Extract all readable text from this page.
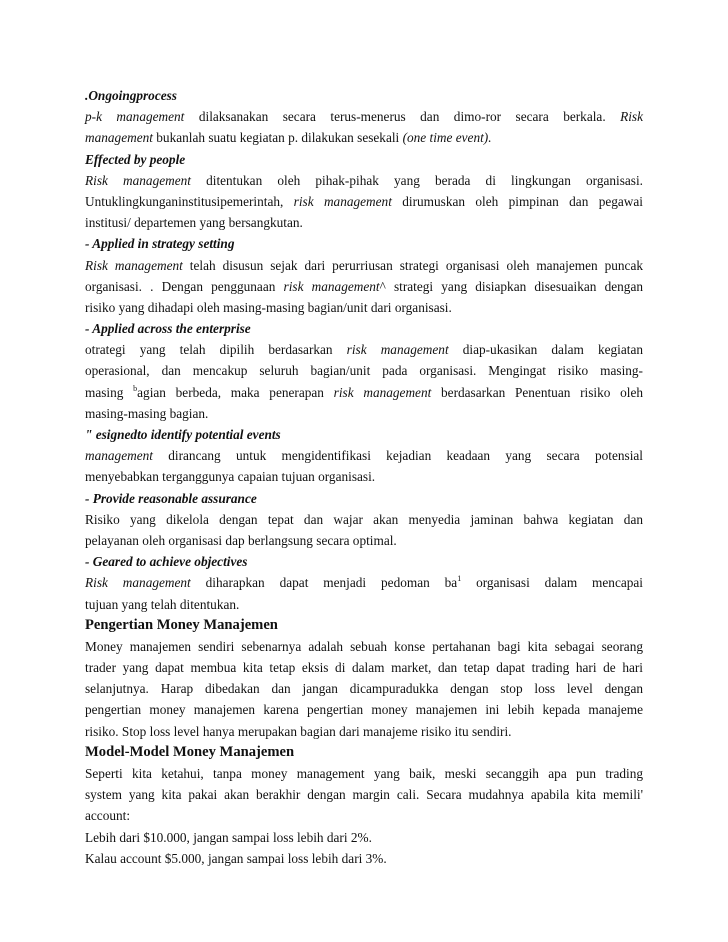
.Ongoingprocess
p-k management dilaksanakan secara terus-menerus dan dimo-ror secara berkala. Risk
management bukanlah suatu kegiatan p. dilakukan sesekali (one time event).
Effected by people
Risk management ditentukan oleh pihak-pihak yang berada di lingkungan organisasi.
Untuklingkunganinstitusipemerintah, risk management dirumuskan oleh pimpinan dan pegawai
institusi/ departemen yang bersangkutan.
- Applied in strategy setting
Risk management telah disusun sejak dari perurriusan strategi organisasi oleh manajemen puncak
organisasi. . Dengan penggunaan risk management^ strategi yang disiapkan disesuaikan dengan
risiko yang dihadapi oleh masing-masing bagian/unit dari organisasi.
- Applied across the enterprise
otrategi yang telah dipilih berdasarkan risk management diap-ukasikan dalam kegiatan
operasional, dan mencakup seluruh bagian/unit pada organisasi. Mengingat risiko masing-
masing $^b$agian berbeda, maka penerapan risk management berdasarkan Penentuan risiko oleh
masing-masing bagian.
" esignedto identify potential events
management dirancang untuk mengidentifikasi kejadian keadaan yang secara potensial
menyebabkan terganggunya capaian tujuan organisasi.
- Provide reasonable assurance
Risiko yang dikelola dengan tepat dan wajar akan menyedia jaminan bahwa kegiatan dan
pelayanan oleh organisasi dap berlangsung secara optimal.
- Geared to achieve objectives
Risk management diharapkan dapat menjadi pedoman $ba^1$ organisasi dalam mencapai
tujuan yang telah ditentukan.
Pengertian Money Manajemen
Money manajemen sendiri sebenarnya adalah sebuah konse pertahanan bagi kita sebagai seorang
trader yang dapat membua kita tetap eksis di dalam market, dan tetap dapat trading hari de hari
selanjutnya. Harap dibedakan dan jangan dicampuradukka dengan stop loss level dengan
pengertian money manajemen karena pengertian money manajemen ini lebih kepada manajeme
risiko. Stop loss level hanya merupakan bagian dari manajeme risiko itu sendiri.
Model-Model Money Manajemen
Seperti kita ketahui, tanpa money management yang baik, meski secanggih apa pun trading
system yang kita pakai akan berakhir dengan margin cali. Secara mudahnya apabila kita memili'
account:
Lebih dari $10.000, jangan sampai loss lebih dari 2%.
Kalau account $5.000, jangan sampai loss lebih dari 3%.
